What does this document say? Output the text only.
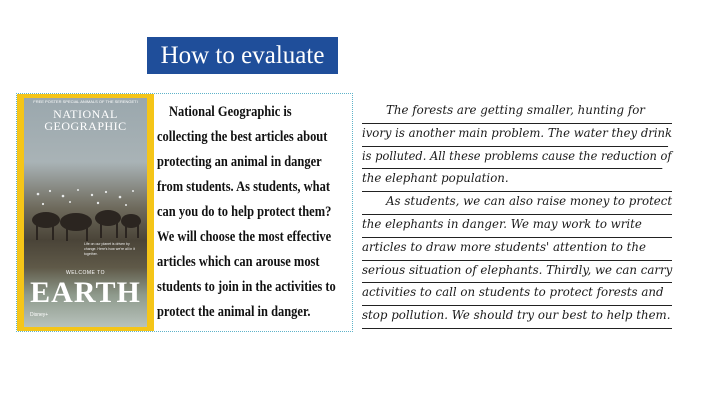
How to evaluate
FREE POSTER SPECIAL ANIMALS OF THE SERENGETI
NATIONAL
GEOGRAPHIC
Life on our planet is driven by change. Here's how we're all in it together.
WELCOME TO
EARTH
Disney+
National Geographic is
collecting the best articles about
protecting an animal in danger
from students. As students, what
can you do to help protect them?
We will choose the most effective
articles which can arouse most
students to join in the activities to
protect the animal in danger.
The forests are getting smaller, hunting for
ivory is another main problem. The water they drink
is polluted. All these problems cause the reduction of
the elephant population.
As students, we can also raise money to protect
the elephants in danger. We may work to write
articles to draw more students' attention to the
serious situation of elephants. Thirdly, we can carry
activities to call on students to protect forests and
stop pollution. We should try our best to help them.
